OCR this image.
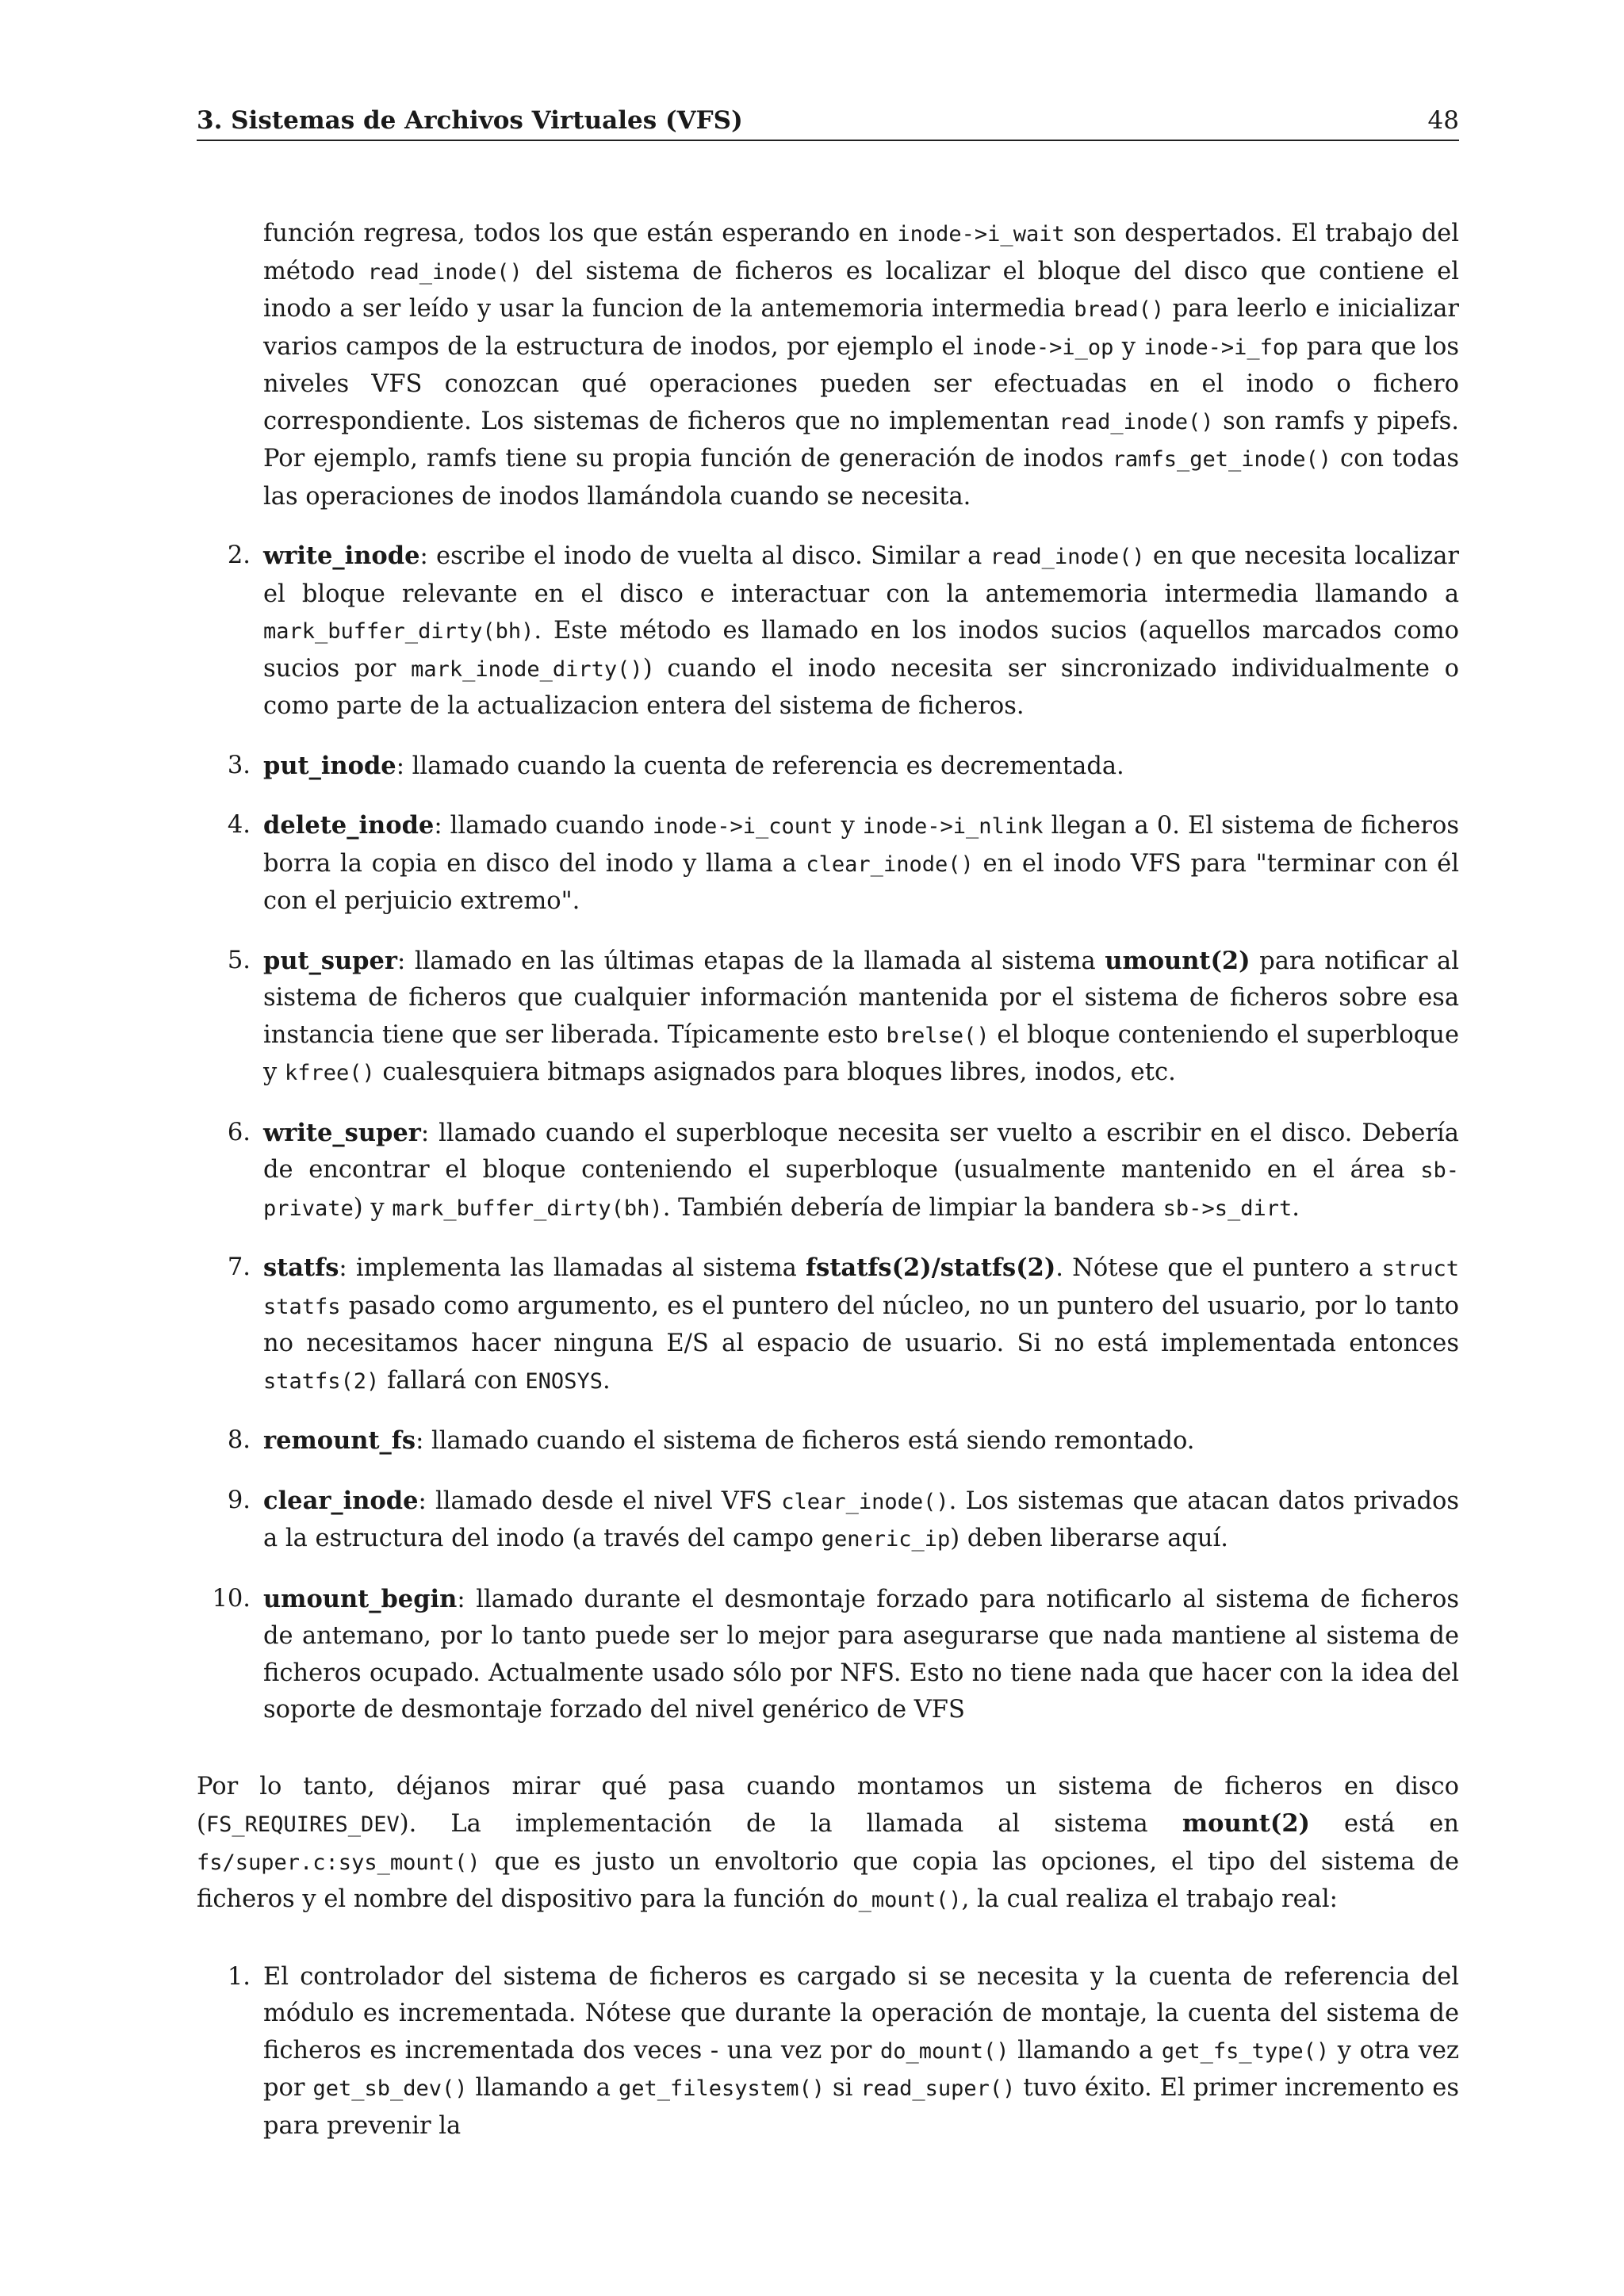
3. Sistemas de Archivos Virtuales (VFS)	48

función regresa, todos los que están esperando en inode->i_wait son despertados. El trabajo del método read_inode() del sistema de ficheros es localizar el bloque del disco que contiene el inodo a ser leído y usar la funcion de la antememoria intermedia bread() para leerlo e inicializar varios campos de la estructura de inodos, por ejemplo el inode->i_op y inode->i_fop para que los niveles VFS conozcan qué operaciones pueden ser efectuadas en el inodo o fichero correspondiente. Los sistemas de ficheros que no implementan read_inode() son ramfs y pipefs. Por ejemplo, ramfs tiene su propia función de generación de inodos ramfs_get_inode() con todas las operaciones de inodos llamándola cuando se necesita.

2. write_inode: escribe el inodo de vuelta al disco. Similar a read_inode() en que necesita localizar el bloque relevante en el disco e interactuar con la antememoria intermedia llamando a mark_buffer_dirty(bh). Este método es llamado en los inodos sucios (aquellos marcados como sucios por mark_inode_dirty()) cuando el inodo necesita ser sincronizado individualmente o como parte de la actualizacion entera del sistema de ficheros.

3. put_inode: llamado cuando la cuenta de referencia es decrementada.

4. delete_inode: llamado cuando inode->i_count y inode->i_nlink llegan a 0. El sistema de ficheros borra la copia en disco del inodo y llama a clear_inode() en el inodo VFS para "terminar con él con el perjuicio extremo".

5. put_super: llamado en las últimas etapas de la llamada al sistema umount(2) para notificar al sistema de ficheros que cualquier información mantenida por el sistema de ficheros sobre esa instancia tiene que ser liberada. Típicamente esto brelse() el bloque conteniendo el superbloque y kfree() cualesquiera bitmaps asignados para bloques libres, inodos, etc.

6. write_super: llamado cuando el superbloque necesita ser vuelto a escribir en el disco. Debería de encontrar el bloque conteniendo el superbloque (usualmente mantenido en el área sb-private) y mark_buffer_dirty(bh). También debería de limpiar la bandera sb->s_dirt.

7. statfs: implementa las llamadas al sistema fstatfs(2)/statfs(2). Nótese que el puntero a struct statfs pasado como argumento, es el puntero del núcleo, no un puntero del usuario, por lo tanto no necesitamos hacer ninguna E/S al espacio de usuario. Si no está implementada entonces statfs(2) fallará con ENOSYS.

8. remount_fs: llamado cuando el sistema de ficheros está siendo remontado.

9. clear_inode: llamado desde el nivel VFS clear_inode(). Los sistemas que atacan datos privados a la estructura del inodo (a través del campo generic_ip) deben liberarse aquí.

10. umount_begin: llamado durante el desmontaje forzado para notificarlo al sistema de ficheros de antemano, por lo tanto puede ser lo mejor para asegurarse que nada mantiene al sistema de ficheros ocupado. Actualmente usado sólo por NFS. Esto no tiene nada que hacer con la idea del soporte de desmontaje forzado del nivel genérico de VFS

Por lo tanto, déjanos mirar qué pasa cuando montamos un sistema de ficheros en disco (FS_REQUIRES_DEV). La implementación de la llamada al sistema mount(2) está en fs/super.c:sys_mount() que es justo un envoltorio que copia las opciones, el tipo del sistema de ficheros y el nombre del dispositivo para la función do_mount(), la cual realiza el trabajo real:

1. El controlador del sistema de ficheros es cargado si se necesita y la cuenta de referencia del módulo es incrementada. Nótese que durante la operación de montaje, la cuenta del sistema de ficheros es incrementada dos veces - una vez por do_mount() llamando a get_fs_type() y otra vez por get_sb_dev() llamando a get_filesystem() si read_super() tuvo éxito. El primer incremento es para prevenir la
